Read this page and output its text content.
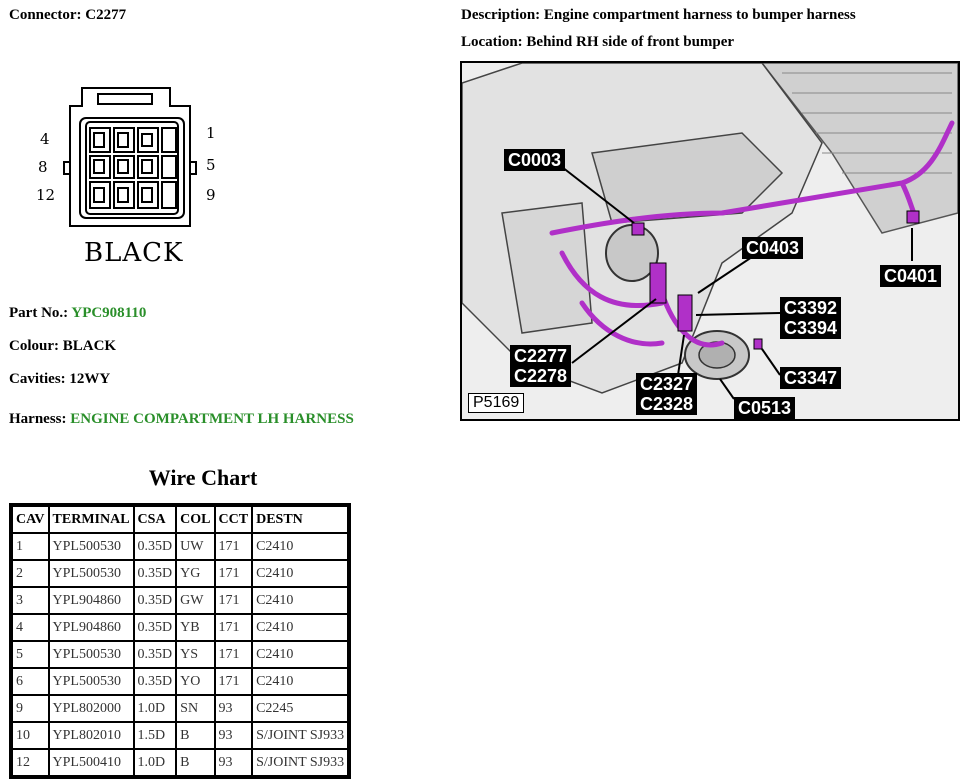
Connector: C2277	Description: Engine compartment harness to bumper harness
Location: Behind RH side of front bumper
4	1
8	5
12	9
BLACK
C0003
C0403
C0401
C3392
C3394
C2277
C2278	C3347
C2327
C2328 C0513
P5169
Part No.: YPC908110
Colour: BLACK
Cavities: 12WY
Harness: ENGINE COMPARTMENT LH HARNESS
Wire Chart
CAV	TERMINAL	CSA	COL	CCT	DESTN
1	YPL500530	0.35D	UW	171	C2410
2	YPL500530	0.35D	YG	171	C2410
3	YPL904860	0.35D	GW	171	C2410
4	YPL904860	0.35D	YB	171	C2410
5	YPL500530	0.35D	YS	171	C2410
6	YPL500530	0.35D	YO	171	C2410
9	YPL802000	1.0D	SN	93	C2245
10	YPL802010	1.5D	B	93	S/JOINT SJ933
12	YPL500410	1.0D	B	93	S/JOINT SJ933
